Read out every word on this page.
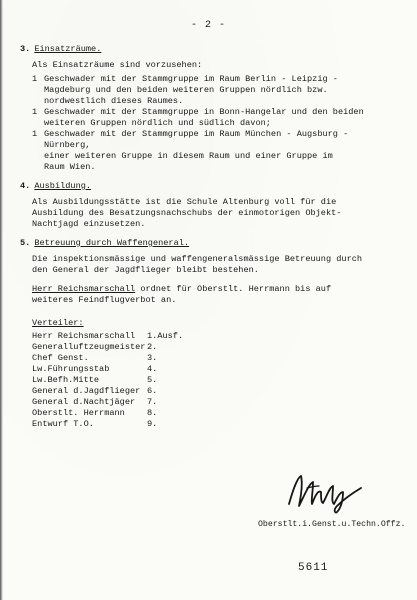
- 2 -
3. Einsatzräume.
Als Einsatzräume sind vorzusehen:
1 Geschwader mit der Stammgruppe im Raum Berlin - Leipzig -
Magdeburg und den beiden weiteren Gruppen nördlich bzw.
nordwestlich dieses Raumes.
1 Geschwader mit der Stammgruppe in Bonn-Hangelar und den beiden
weiteren Gruppen nördlich und südlich davon;
1 Geschwader mit der Stammgruppe im Raum München - Augsburg -
Nürnberg,
einer weiteren Gruppe in diesem Raum und einer Gruppe im
Raum Wien.
4. Ausbildung.
Als Ausbildungsstätte ist die Schule Altenburg voll für die
Ausbildung des Besatzungsnachschubs der einmotorigen Objekt-
Nachtjagd einzusetzen.
5. Betreuung durch Waffengeneral.
Die inspektionsmässige und waffengeneralsmässige Betreuung durch
den General der Jagdflieger bleibt bestehen.
Herr Reichsmarschall ordnet für Oberstlt. Herrmann bis auf
weiteres Feindflugverbot an.
Verteiler:
Herr Reichsmarschall	1.Ausf.
Generalluftzeugmeister 2.
Chef Genst.	3.
Lw.Führungsstab	4.
Lw.Befh.Mitte	5.
General d.Jagdflieger 6.
General d.Nachtjäger	7.
Oberstlt. Herrmann	8.
Entwurf T.O.	9.
Oberstlt.i.Genst.u.Techn.Offz.
5611
